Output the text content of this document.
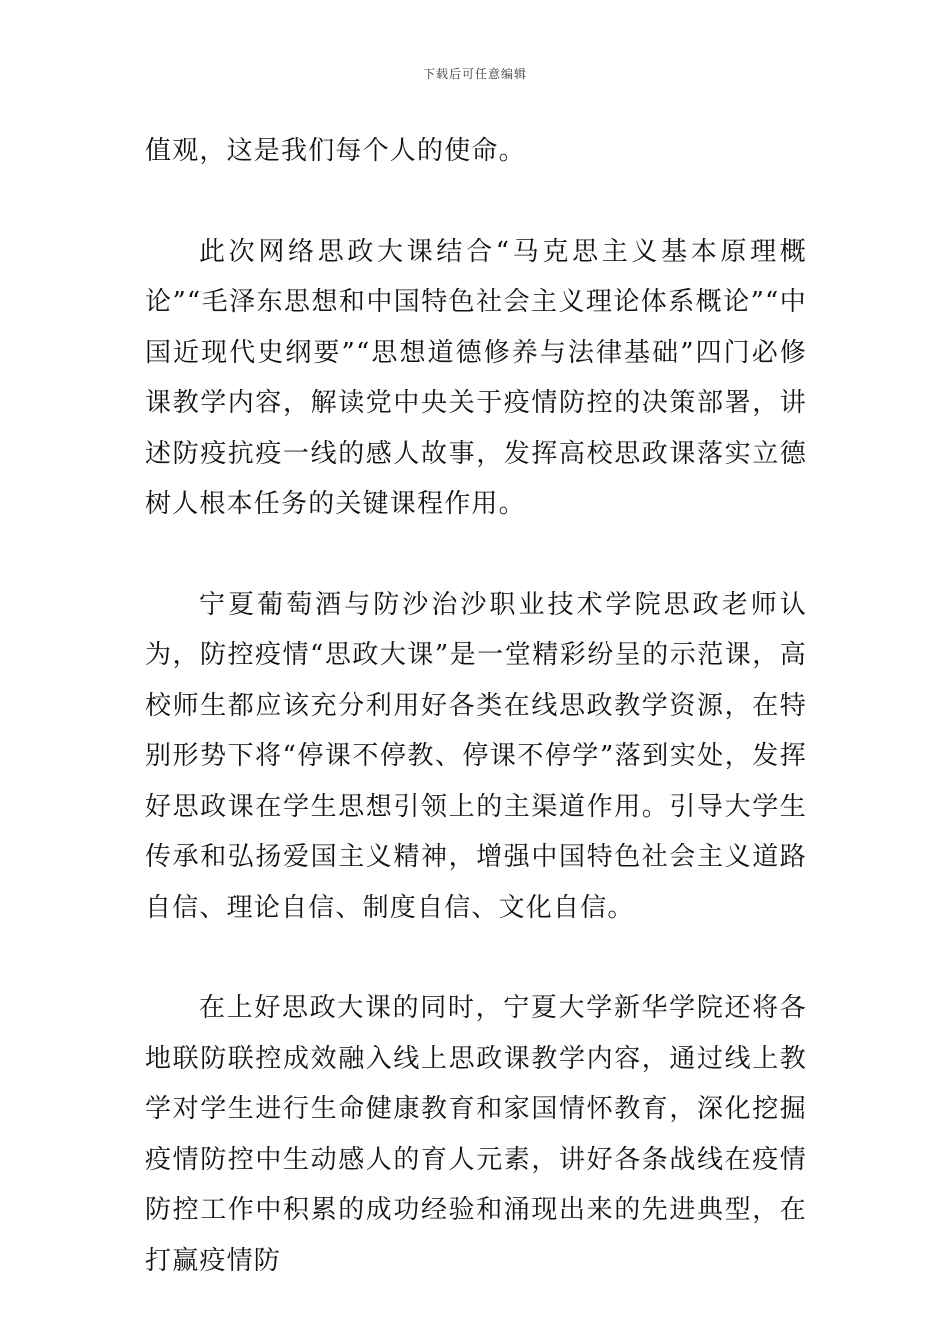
下载后可任意编辑

值观，这是我们每个人的使命。

此次网络思政大课结合“马克思主义基本原理概论”“毛泽东思想和中国特色社会主义理论体系概论”“中国近现代史纲要”“思想道德修养与法律基础”四门必修课教学内容，解读党中央关于疫情防控的决策部署，讲述防疫抗疫一线的感人故事，发挥高校思政课落实立德树人根本任务的关键课程作用。

宁夏葡萄酒与防沙治沙职业技术学院思政老师认为，防控疫情“思政大课”是一堂精彩纷呈的示范课，高校师生都应该充分利用好各类在线思政教学资源，在特别形势下将“停课不停教、停课不停学”落到实处，发挥好思政课在学生思想引领上的主渠道作用。引导大学生传承和弘扬爱国主义精神，增强中国特色社会主义道路自信、理论自信、制度自信、文化自信。

在上好思政大课的同时，宁夏大学新华学院还将各地联防联控成效融入线上思政课教学内容，通过线上教学对学生进行生命健康教育和家国情怀教育，深化挖掘疫情防控中生动感人的育人元素，讲好各条战线在疫情防控工作中积累的成功经验和涌现出来的先进典型，在打赢疫情防
